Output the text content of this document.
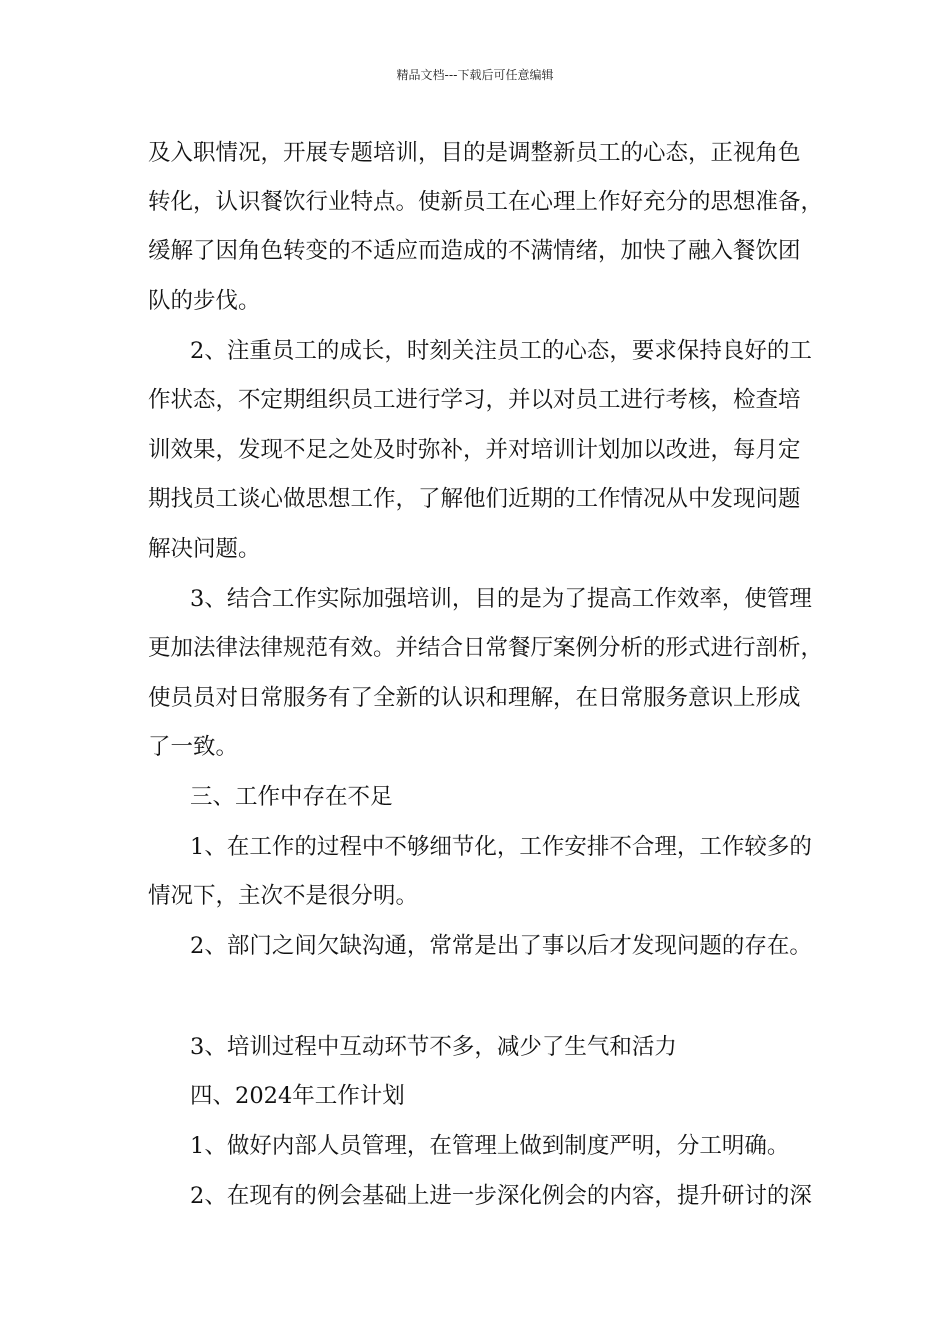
精品文档---下载后可任意编辑
及入职情况，开展专题培训，目的是调整新员工的心态，正视角色
转化，认识餐饮行业特点。使新员工在心理上作好充分的思想准备，
缓解了因角色转变的不适应而造成的不满情绪，加快了融入餐饮团
队的步伐。
2、注重员工的成长，时刻关注员工的心态，要求保持良好的工
作状态，不定期组织员工进行学习，并以对员工进行考核，检查培
训效果，发现不足之处及时弥补，并对培训计划加以改进，每月定
期找员工谈心做思想工作，了解他们近期的工作情况从中发现问题
解决问题。
3、结合工作实际加强培训，目的是为了提高工作效率，使管理
更加法律法律规范有效。并结合日常餐厅案例分析的形式进行剖析，
使员员对日常服务有了全新的认识和理解，在日常服务意识上形成
了一致。
三、工作中存在不足
1、在工作的过程中不够细节化，工作安排不合理，工作较多的
情况下，主次不是很分明。
2、部门之间欠缺沟通，常常是出了事以后才发现问题的存在。
3、培训过程中互动环节不多，减少了生气和活力
四、2024年工作计划
1、做好内部人员管理，在管理上做到制度严明，分工明确。
2、在现有的例会基础上进一步深化例会的内容，提升研讨的深
